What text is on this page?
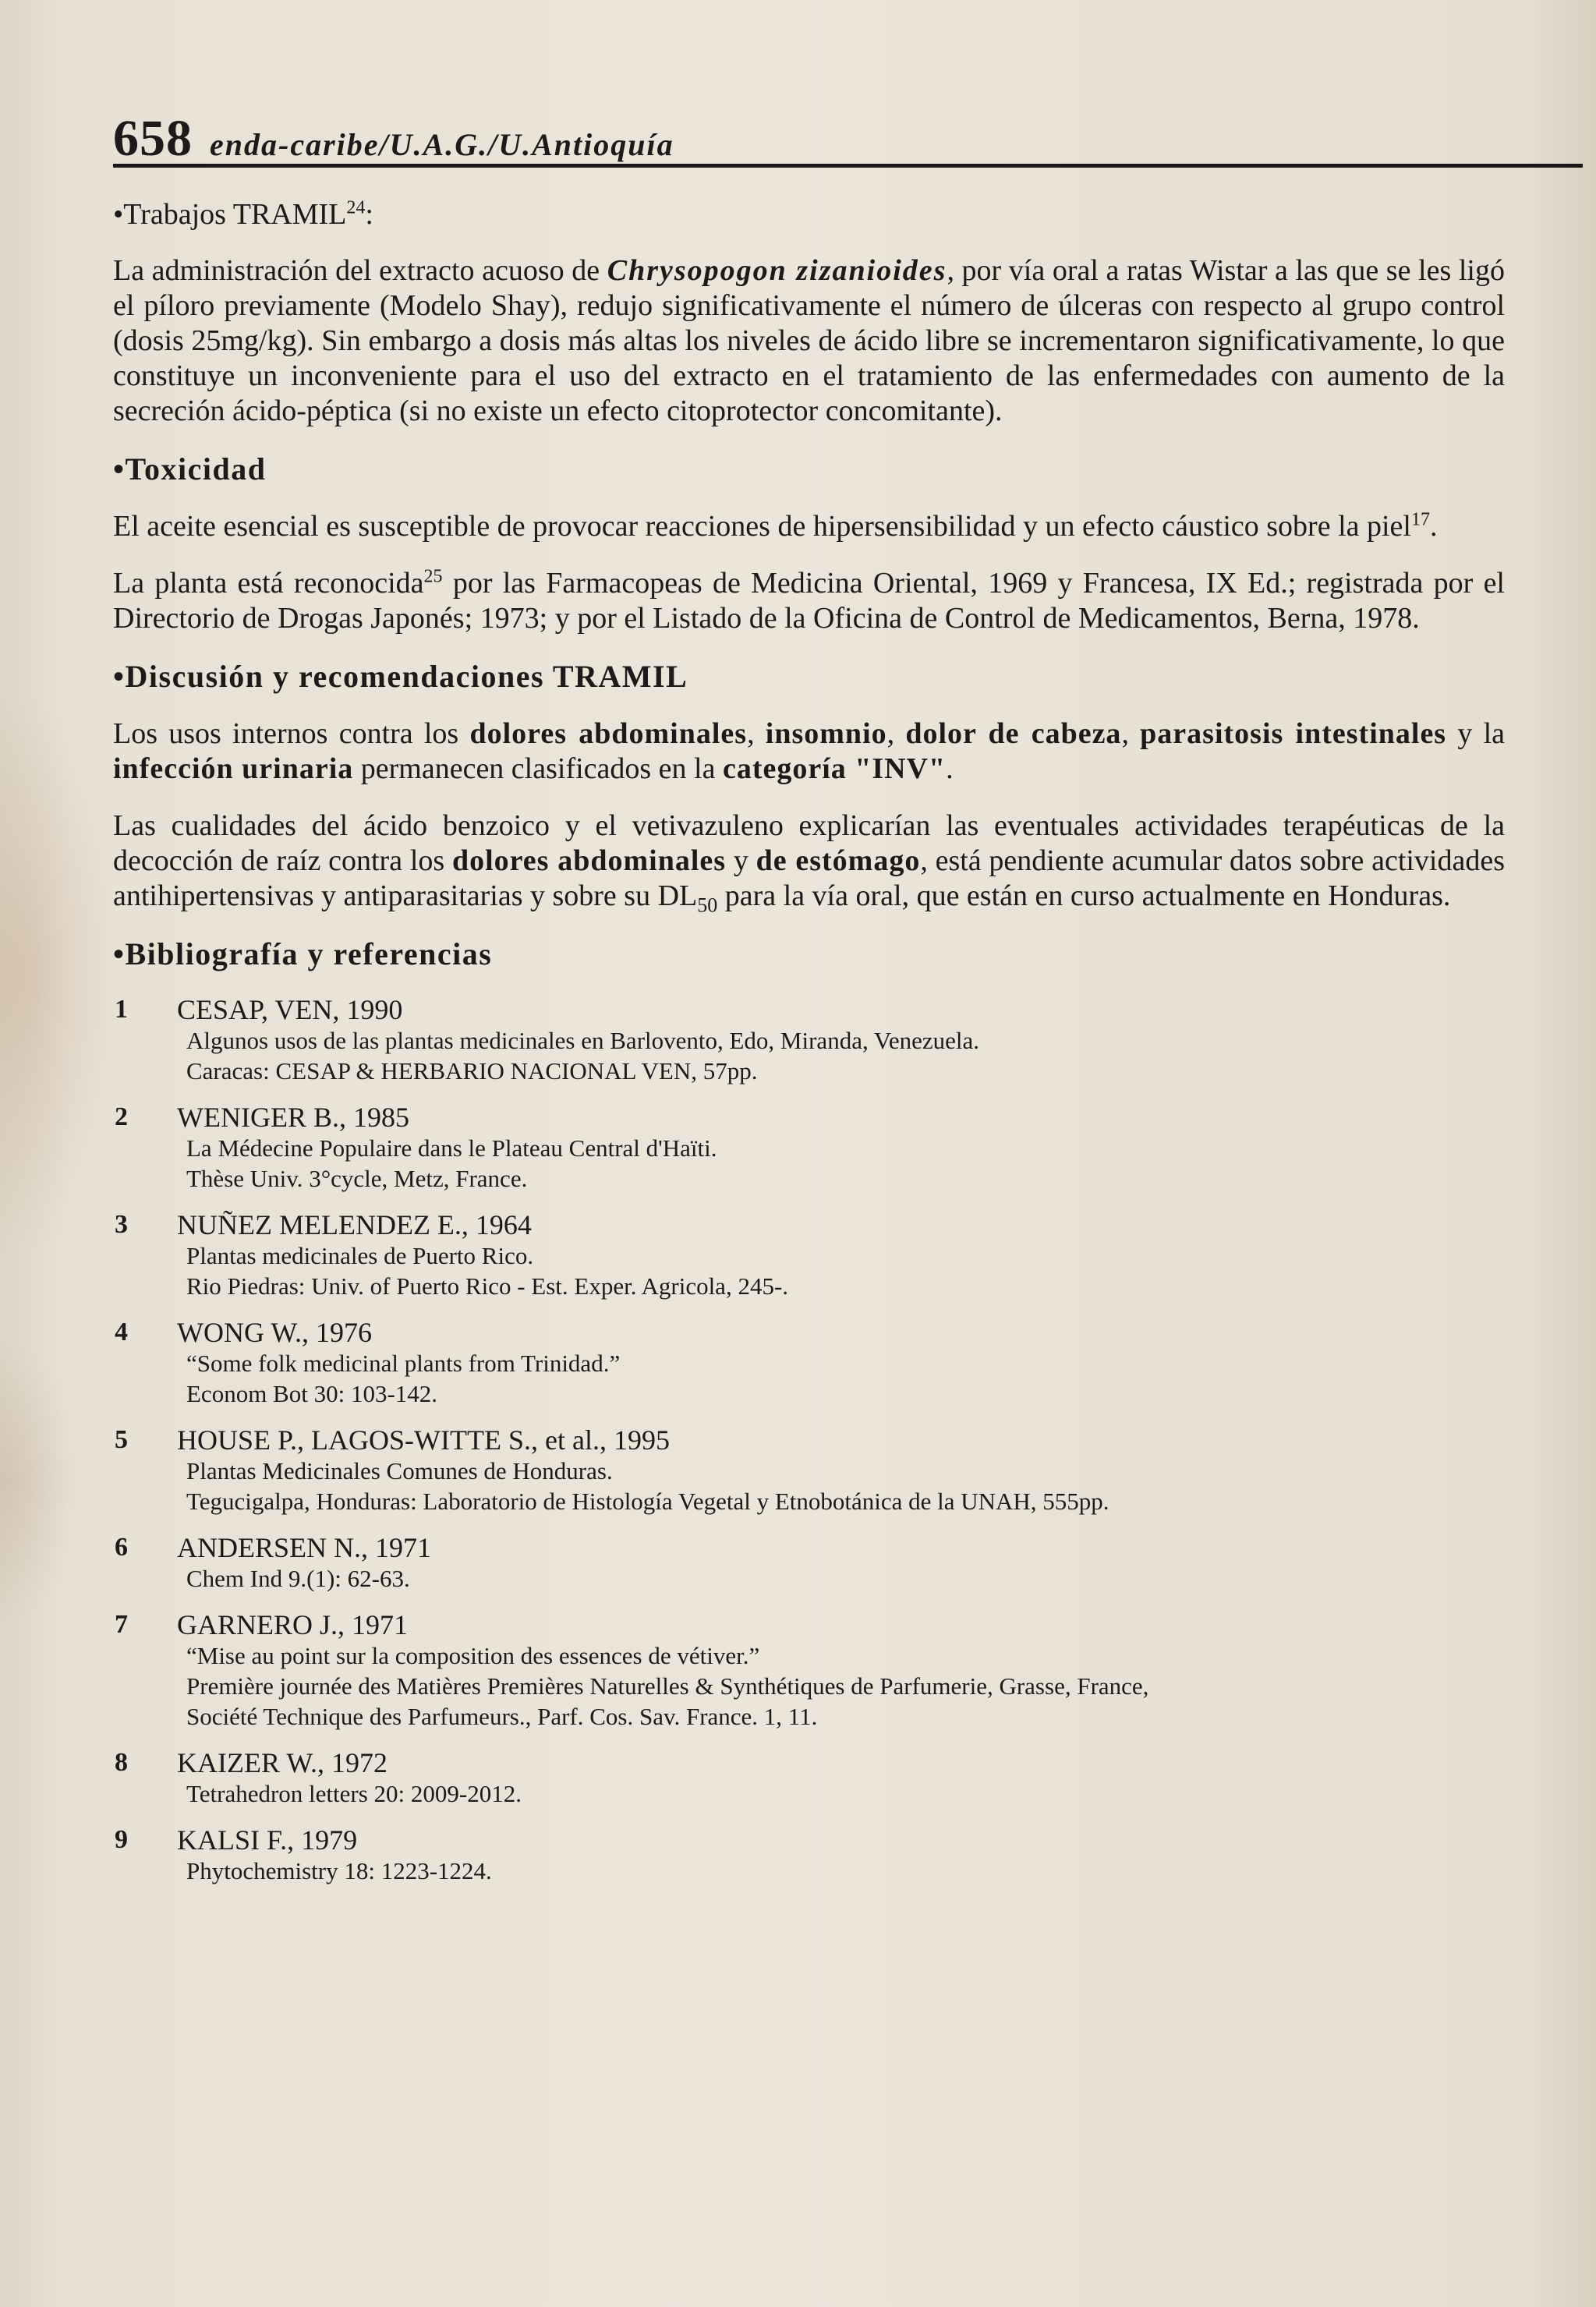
658 enda-caribe/U.A.G./U.Antioquía
•Trabajos TRAMIL$^{24}$:

La administración del extracto acuoso de Chrysopogon zizanioides, por vía oral a ratas Wistar a las que se les ligó el píloro previamente (Modelo Shay), redujo significativamente el número de úlceras con respecto al grupo control (dosis 25mg/kg). Sin embargo a dosis más altas los niveles de ácido libre se incrementaron significativamente, lo que constituye un inconveniente para el uso del extracto en el tratamiento de las enfermedades con aumento de la secreción ácido-péptica (si no existe un efecto citoprotector concomitante).

•Toxicidad

El aceite esencial es susceptible de provocar reacciones de hipersensibilidad y un efecto cáustico sobre la piel$^{17}$.

La planta está reconocida$^{25}$ por las Farmacopeas de Medicina Oriental, 1969 y Francesa, IX Ed.; registrada por el Directorio de Drogas Japonés; 1973; y por el Listado de la Oficina de Control de Medicamentos, Berna, 1978.

•Discusión y recomendaciones TRAMIL

Los usos internos contra los dolores abdominales, insomnio, dolor de cabeza, parasitosis intestinales y la infección urinaria permanecen clasificados en la categoría "INV".

Las cualidades del ácido benzoico y el vetivazuleno explicarían las eventuales actividades terapéuticas de la decocción de raíz contra los dolores abdominales y de estómago, está pendiente acumular datos sobre actividades antihipertensivas y antiparasitarias y sobre su $DL_{50}$ para la vía oral, que están en curso actualmente en Honduras.

•Bibliografía y referencias
1	CESAP, VEN, 1990
Algunos usos de las plantas medicinales en Barlovento, Edo, Miranda, Venezuela.
Caracas: CESAP & HERBARIO NACIONAL VEN, 57pp.
2	WENIGER B., 1985
La Médecine Populaire dans le Plateau Central d'Haïti.
Thèse Univ. 3°cycle, Metz, France.
3	NUÑEZ MELENDEZ E., 1964
Plantas medicinales de Puerto Rico.
Rio Piedras: Univ. of Puerto Rico - Est. Exper. Agricola, 245-.
4	WONG W., 1976
“Some folk medicinal plants from Trinidad.”
Econom Bot 30: 103-142.
5	HOUSE P., LAGOS-WITTE S., et al., 1995
Plantas Medicinales Comunes de Honduras.
Tegucigalpa, Honduras: Laboratorio de Histología Vegetal y Etnobotánica de la UNAH, 555pp.
6	ANDERSEN N., 1971
Chem Ind 9.(1): 62-63.
7	GARNERO J., 1971
“Mise au point sur la composition des essences de vétiver.”
Première journée des Matières Premières Naturelles & Synthétiques de Parfumerie, Grasse, France,
Société Technique des Parfumeurs., Parf. Cos. Sav. France. 1, 11.
8	KAIZER W., 1972
Tetrahedron letters 20: 2009-2012.
9	KALSI F., 1979
Phytochemistry 18: 1223-1224.
